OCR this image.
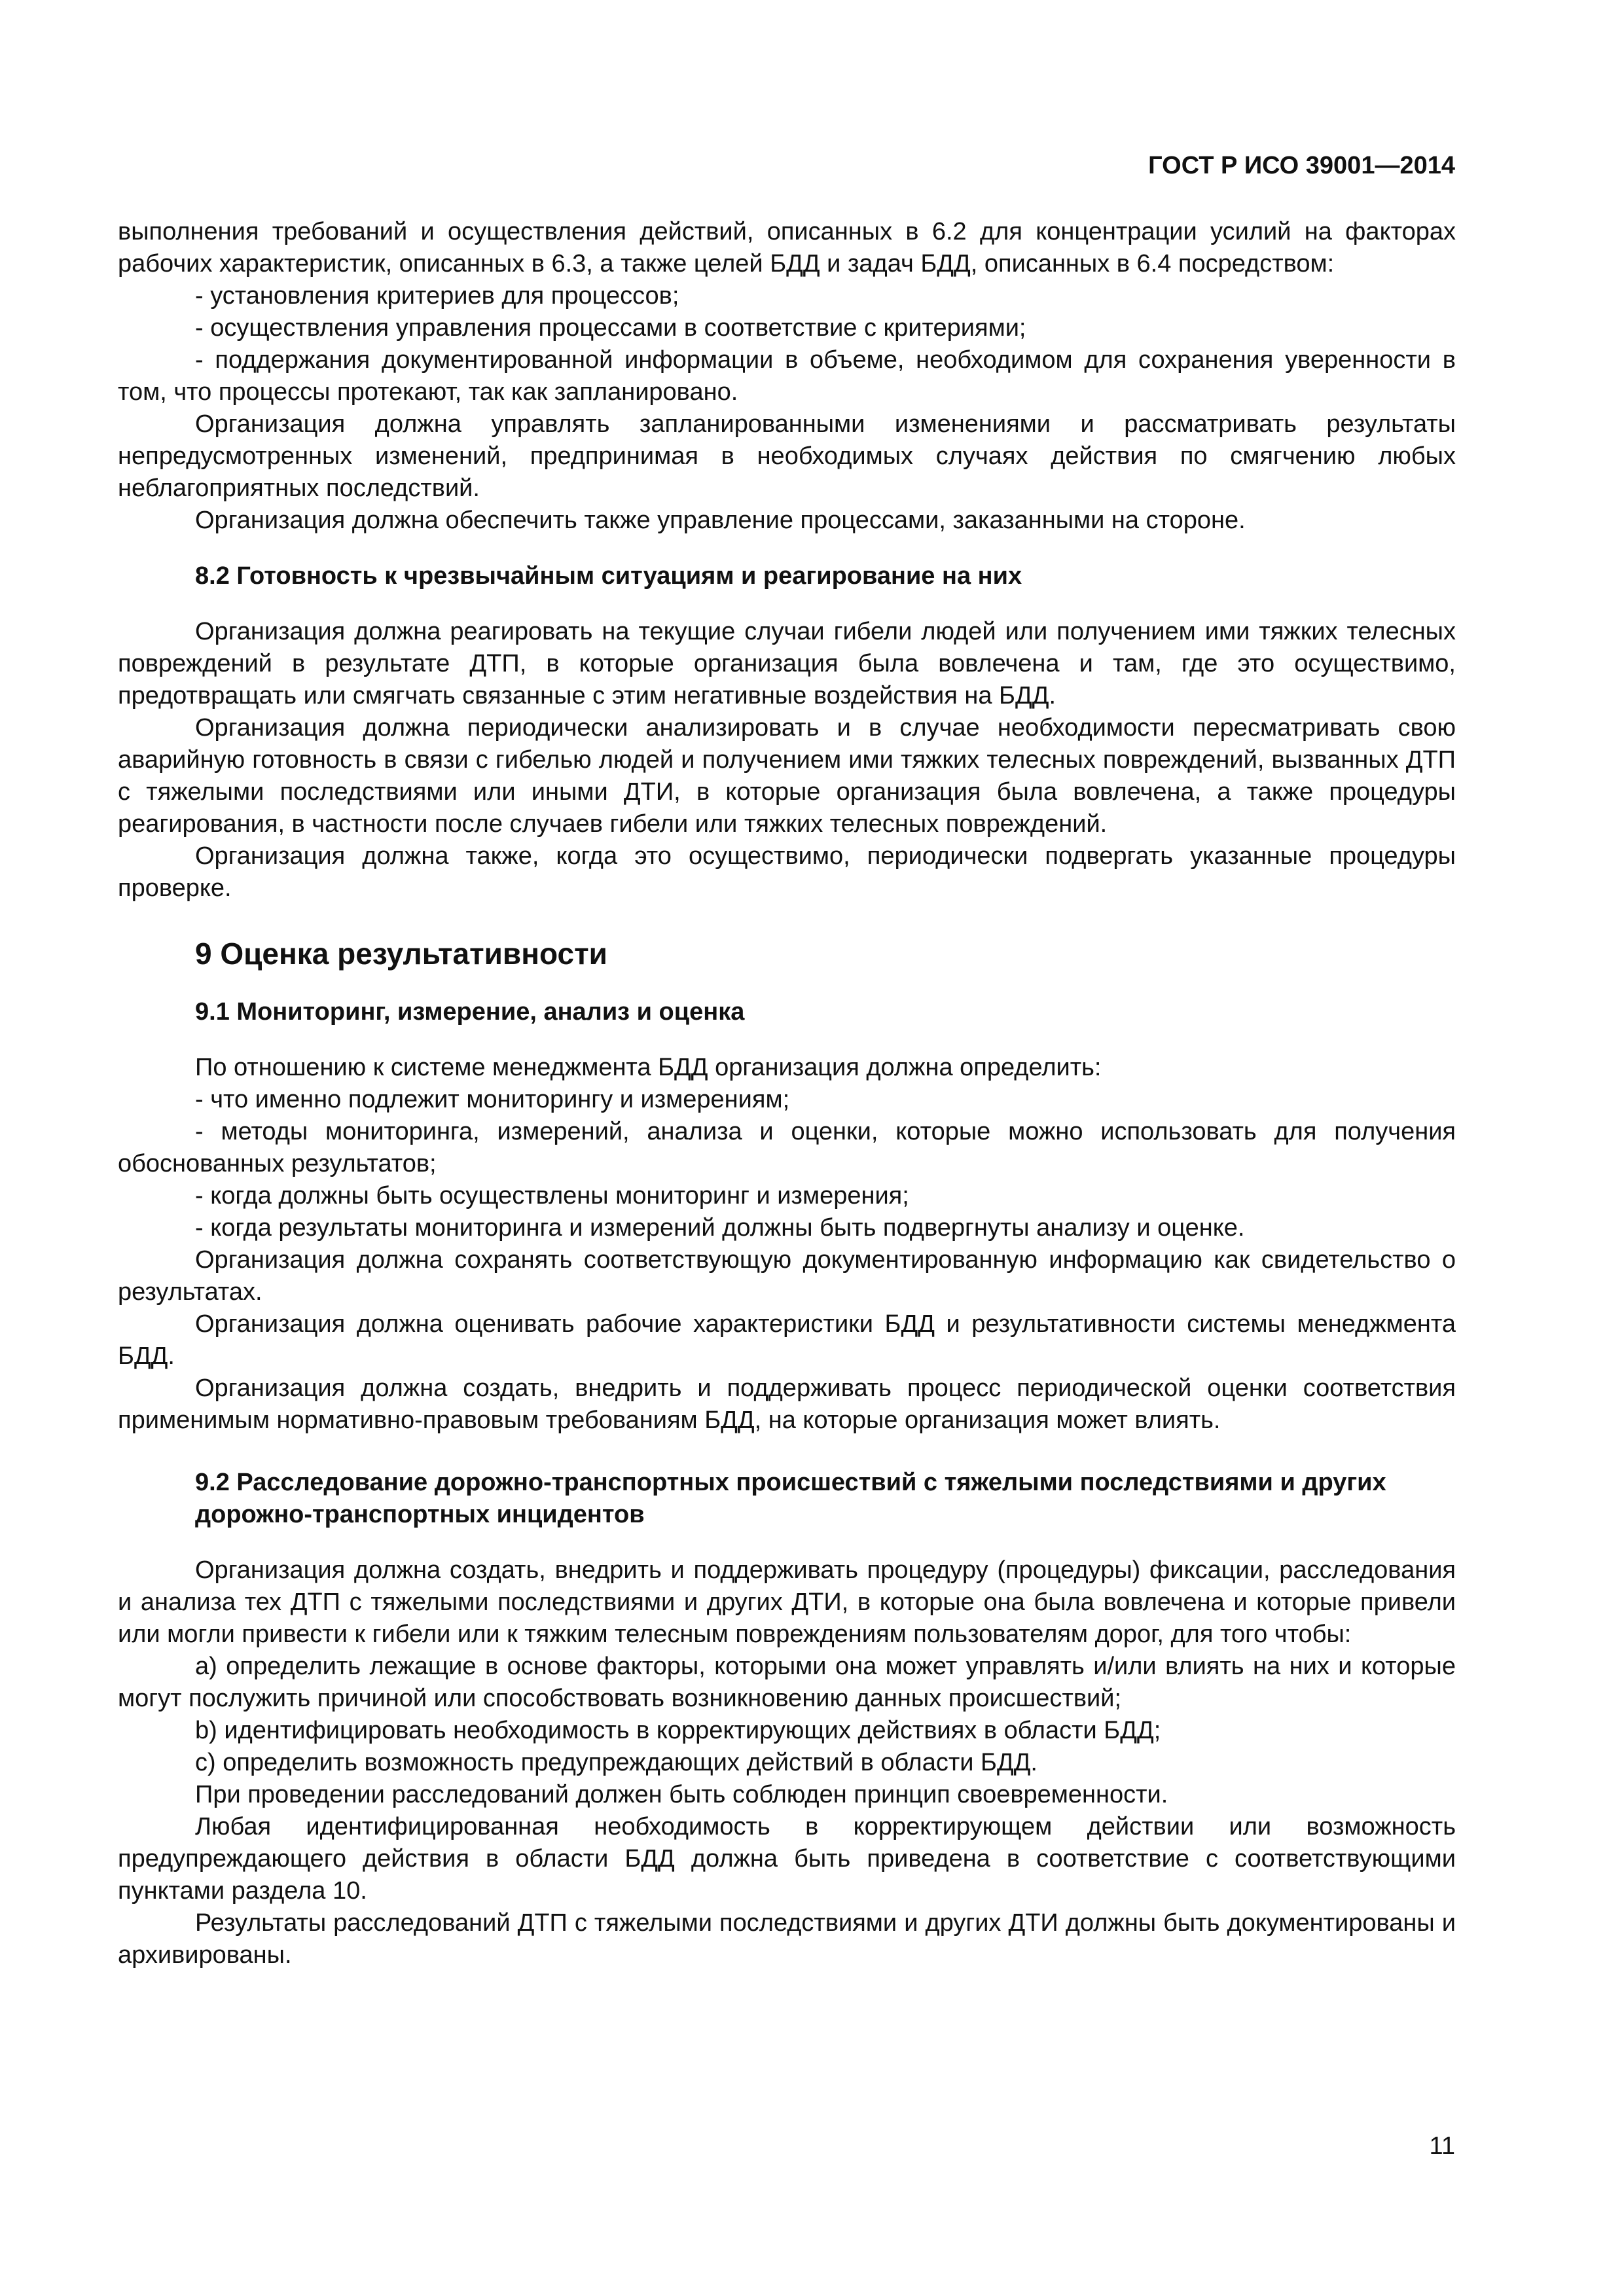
ГОСТ Р ИСО 39001—2014

выполнения требований и осуществления действий, описанных в 6.2 для концентрации усилий на факторах рабочих характеристик, описанных в 6.3, а также целей БДД и задач БДД, описанных в 6.4 посредством:

- установления критериев для процессов;

- осуществления управления процессами в соответствие с критериями;

- поддержания документированной информации в объеме, необходимом для сохранения уверенности в том, что процессы протекают, так как запланировано.

Организация должна управлять запланированными изменениями и рассматривать результаты непредусмотренных изменений, предпринимая в необходимых случаях действия по смягчению любых неблагоприятных последствий.

Организация должна обеспечить также управление процессами, заказанными на стороне.

8.2 Готовность к чрезвычайным ситуациям и реагирование на них

Организация должна реагировать на текущие случаи гибели людей или получением ими тяжких телесных повреждений в результате ДТП, в которые организация была вовлечена и там, где это осуществимо, предотвращать или смягчать связанные с этим негативные воздействия на БДД.

Организация должна периодически анализировать и в случае необходимости пересматривать свою аварийную готовность в связи с гибелью людей и получением ими тяжких телесных повреждений, вызванных ДТП с тяжелыми последствиями или иными ДТИ, в которые организация была вовлечена, а также процедуры реагирования, в частности после случаев гибели или тяжких телесных повреждений.

Организация должна также, когда это осуществимо, периодически подвергать указанные процедуры проверке.

9 Оценка результативности
9.1 Мониторинг, измерение, анализ и оценка

По отношению к системе менеджмента БДД организация должна определить:

- что именно подлежит мониторингу и измерениям;

- методы мониторинга, измерений, анализа и оценки, которые можно использовать для получения обоснованных результатов;

- когда должны быть осуществлены мониторинг и измерения;

- когда результаты мониторинга и измерений должны быть подвергнуты анализу и оценке.

Организация должна сохранять соответствующую документированную информацию как свидетельство о результатах.

Организация должна оценивать рабочие характеристики БДД и результативности системы менеджмента БДД.

Организация должна создать, внедрить и поддерживать процесс периодической оценки соответствия применимым нормативно-правовым требованиям БДД, на которые организация может влиять.

9.2 Расследование дорожно-транспортных происшествий с тяжелыми последствиями и других дорожно-транспортных инцидентов

Организация должна создать, внедрить и поддерживать процедуру (процедуры) фиксации, расследования и анализа тех ДТП с тяжелыми последствиями и других ДТИ, в которые она была вовлечена и которые привели или могли привести к гибели или к тяжким телесным повреждениям пользователям дорог, для того чтобы:

а) определить лежащие в основе факторы, которыми она может управлять и/или влиять на них и которые могут послужить причиной или способствовать возникновению данных происшествий;

b) идентифицировать необходимость в корректирующих действиях в области БДД;

с) определить возможность предупреждающих действий в области БДД.

При проведении расследований должен быть соблюден принцип своевременности.

Любая идентифицированная необходимость в корректирующем действии или возможность предупреждающего действия в области БДД должна быть приведена в соответствие с соответствующими пунктами раздела 10.

Результаты расследований ДТП с тяжелыми последствиями и других ДТИ должны быть документированы и архивированы.

11
